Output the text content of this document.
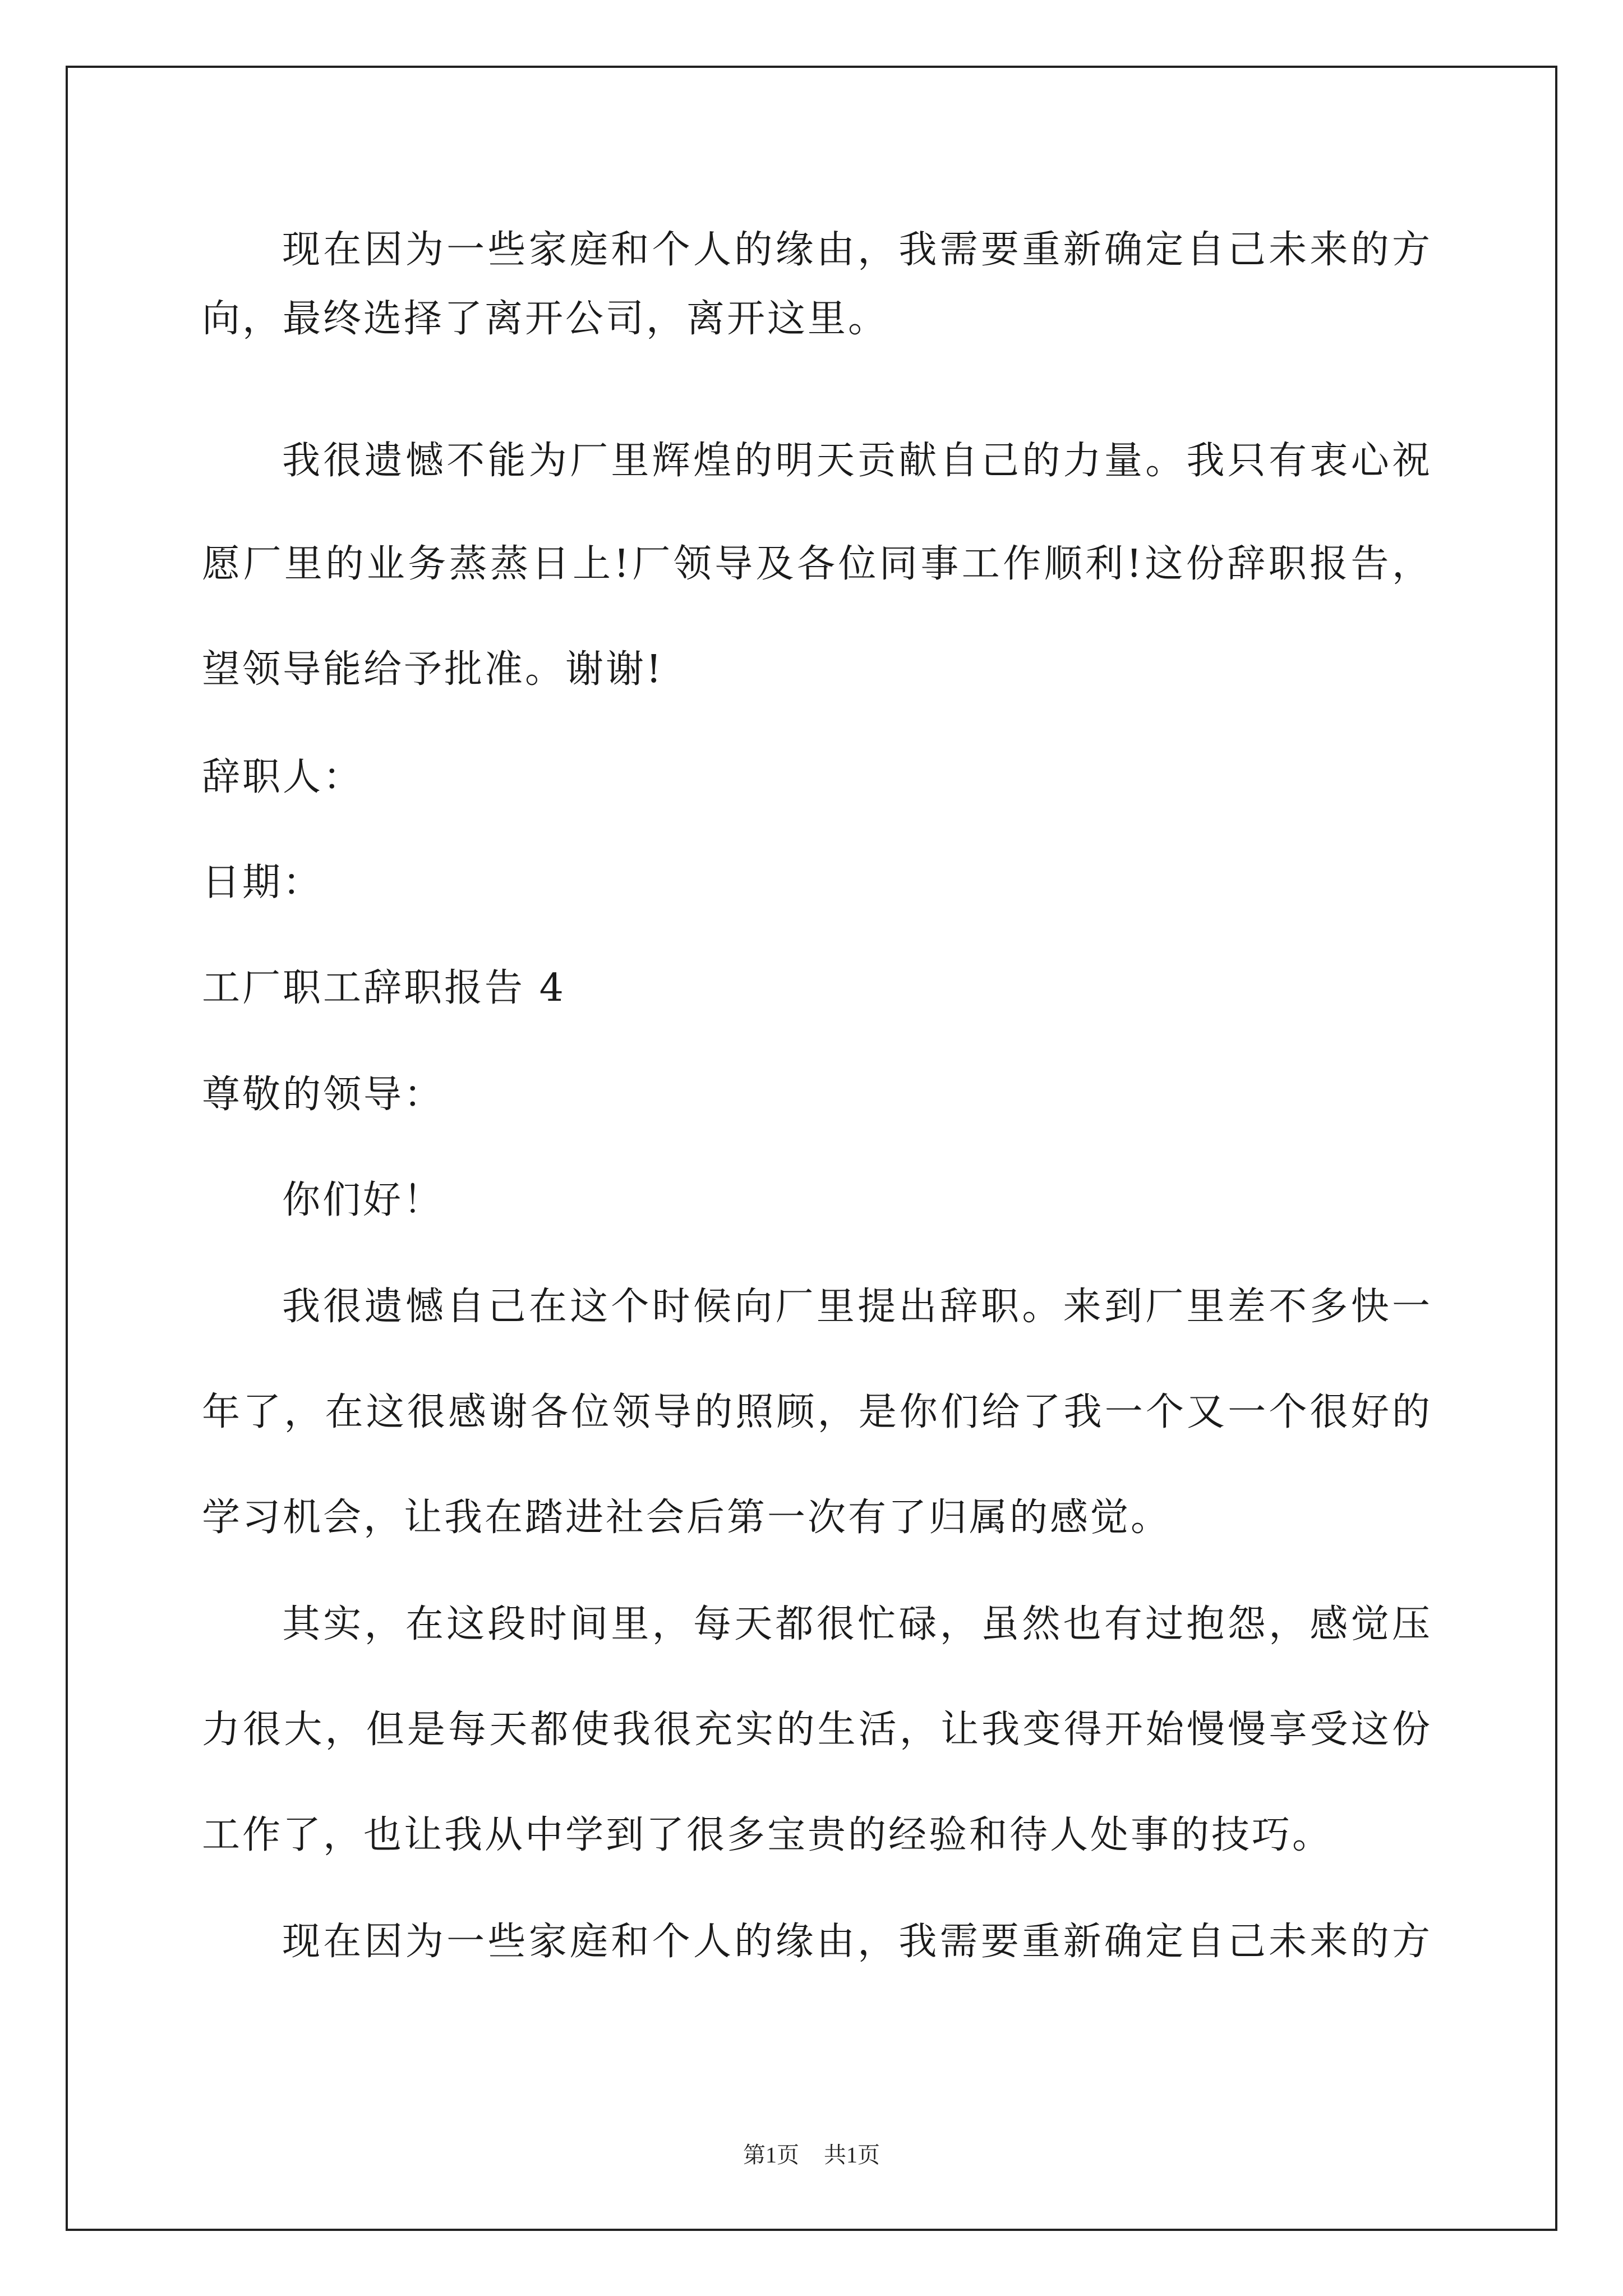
现在因为一些家庭和个人的缘由，我需要重新确定自己未来的方
向，最终选择了离开公司，离开这里。
我很遗憾不能为厂里辉煌的明天贡献自己的力量。我只有衷心祝
愿厂里的业务蒸蒸日上!厂领导及各位同事工作顺利!这份辞职报告，
望领导能给予批准。谢谢!
辞职人：
日期：
工厂职工辞职报告 4
尊敬的领导：
你们好！
我很遗憾自己在这个时候向厂里提出辞职。来到厂里差不多快一
年了，在这很感谢各位领导的照顾，是你们给了我一个又一个很好的
学习机会，让我在踏进社会后第一次有了归属的感觉。
其实，在这段时间里，每天都很忙碌，虽然也有过抱怨，感觉压
力很大，但是每天都使我很充实的生活，让我变得开始慢慢享受这份
工作了，也让我从中学到了很多宝贵的经验和待人处事的技巧。
现在因为一些家庭和个人的缘由，我需要重新确定自己未来的方
第1页 共1页
